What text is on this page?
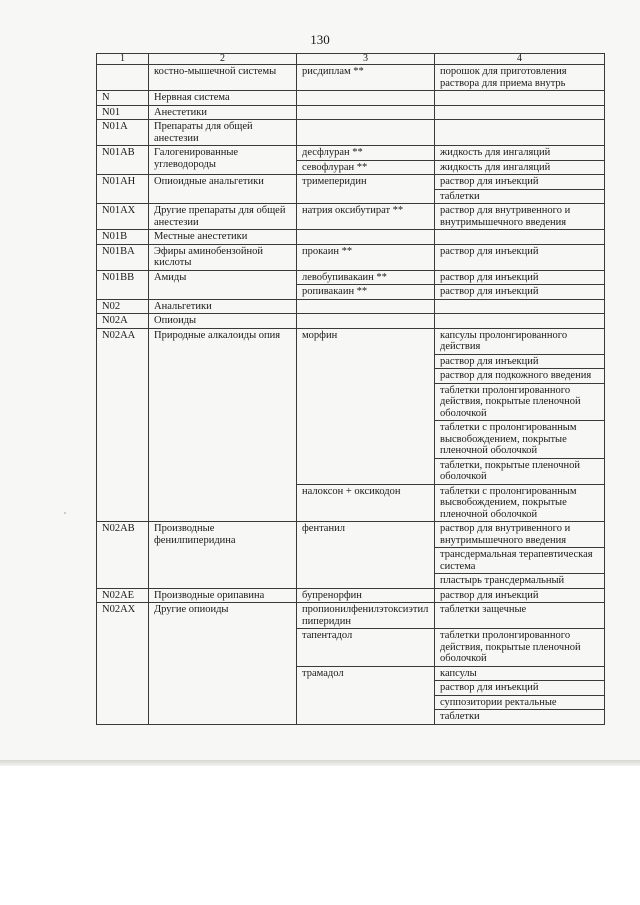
130
1	2	3	4
	костно-мышечной системы	рисдиплам **	порошок для приготовления раствора для приема внутрь
N	Нервная система		
N01	Анестетики		
N01A	Препараты для общей анестезии		
N01AB	Галогенированные углеводороды	десфлуран **	жидкость для ингаляций
		севофлуран **	жидкость для ингаляций
N01AH	Опиоидные анальгетики	тримеперидин	раствор для инъекций
			таблетки
N01AX	Другие препараты для общей анестезии	натрия оксибутират **	раствор для внутривенного и внутримышечного введения
N01B	Местные анестетики		
N01BA	Эфиры аминобензойной кислоты	прокаин **	раствор для инъекций
N01BB	Амиды	левобупивакаин **	раствор для инъекций
		ропивакаин **	раствор для инъекций
N02	Анальгетики		
N02A	Опиоиды		
N02AA	Природные алкалоиды опия	морфин	капсулы пролонгированного действия
			раствор для инъекций
			раствор для подкожного введения
			таблетки пролонгированного действия, покрытые пленочной оболочкой
			таблетки с пролонгированным высвобождением, покрытые пленочной оболочкой
			таблетки, покрытые пленочной оболочкой
		налоксон + оксикодон	таблетки с пролонгированным высвобождением, покрытые пленочной оболочкой
N02AB	Производные фенилпиперидина	фентанил	раствор для внутривенного и внутримышечного введения
			трансдермальная терапевтическая система
			пластырь трансдермальный
N02AE	Производные орипавина	бупренорфин	раствор для инъекций
N02AX	Другие опиоиды	пропионилфенилэтоксиэтилпиперидин	таблетки защечные
		тапентадол	таблетки пролонгированного действия, покрытые пленочной оболочкой
		трамадол	капсулы
			раствор для инъекций
			суппозитории ректальные
			таблетки
